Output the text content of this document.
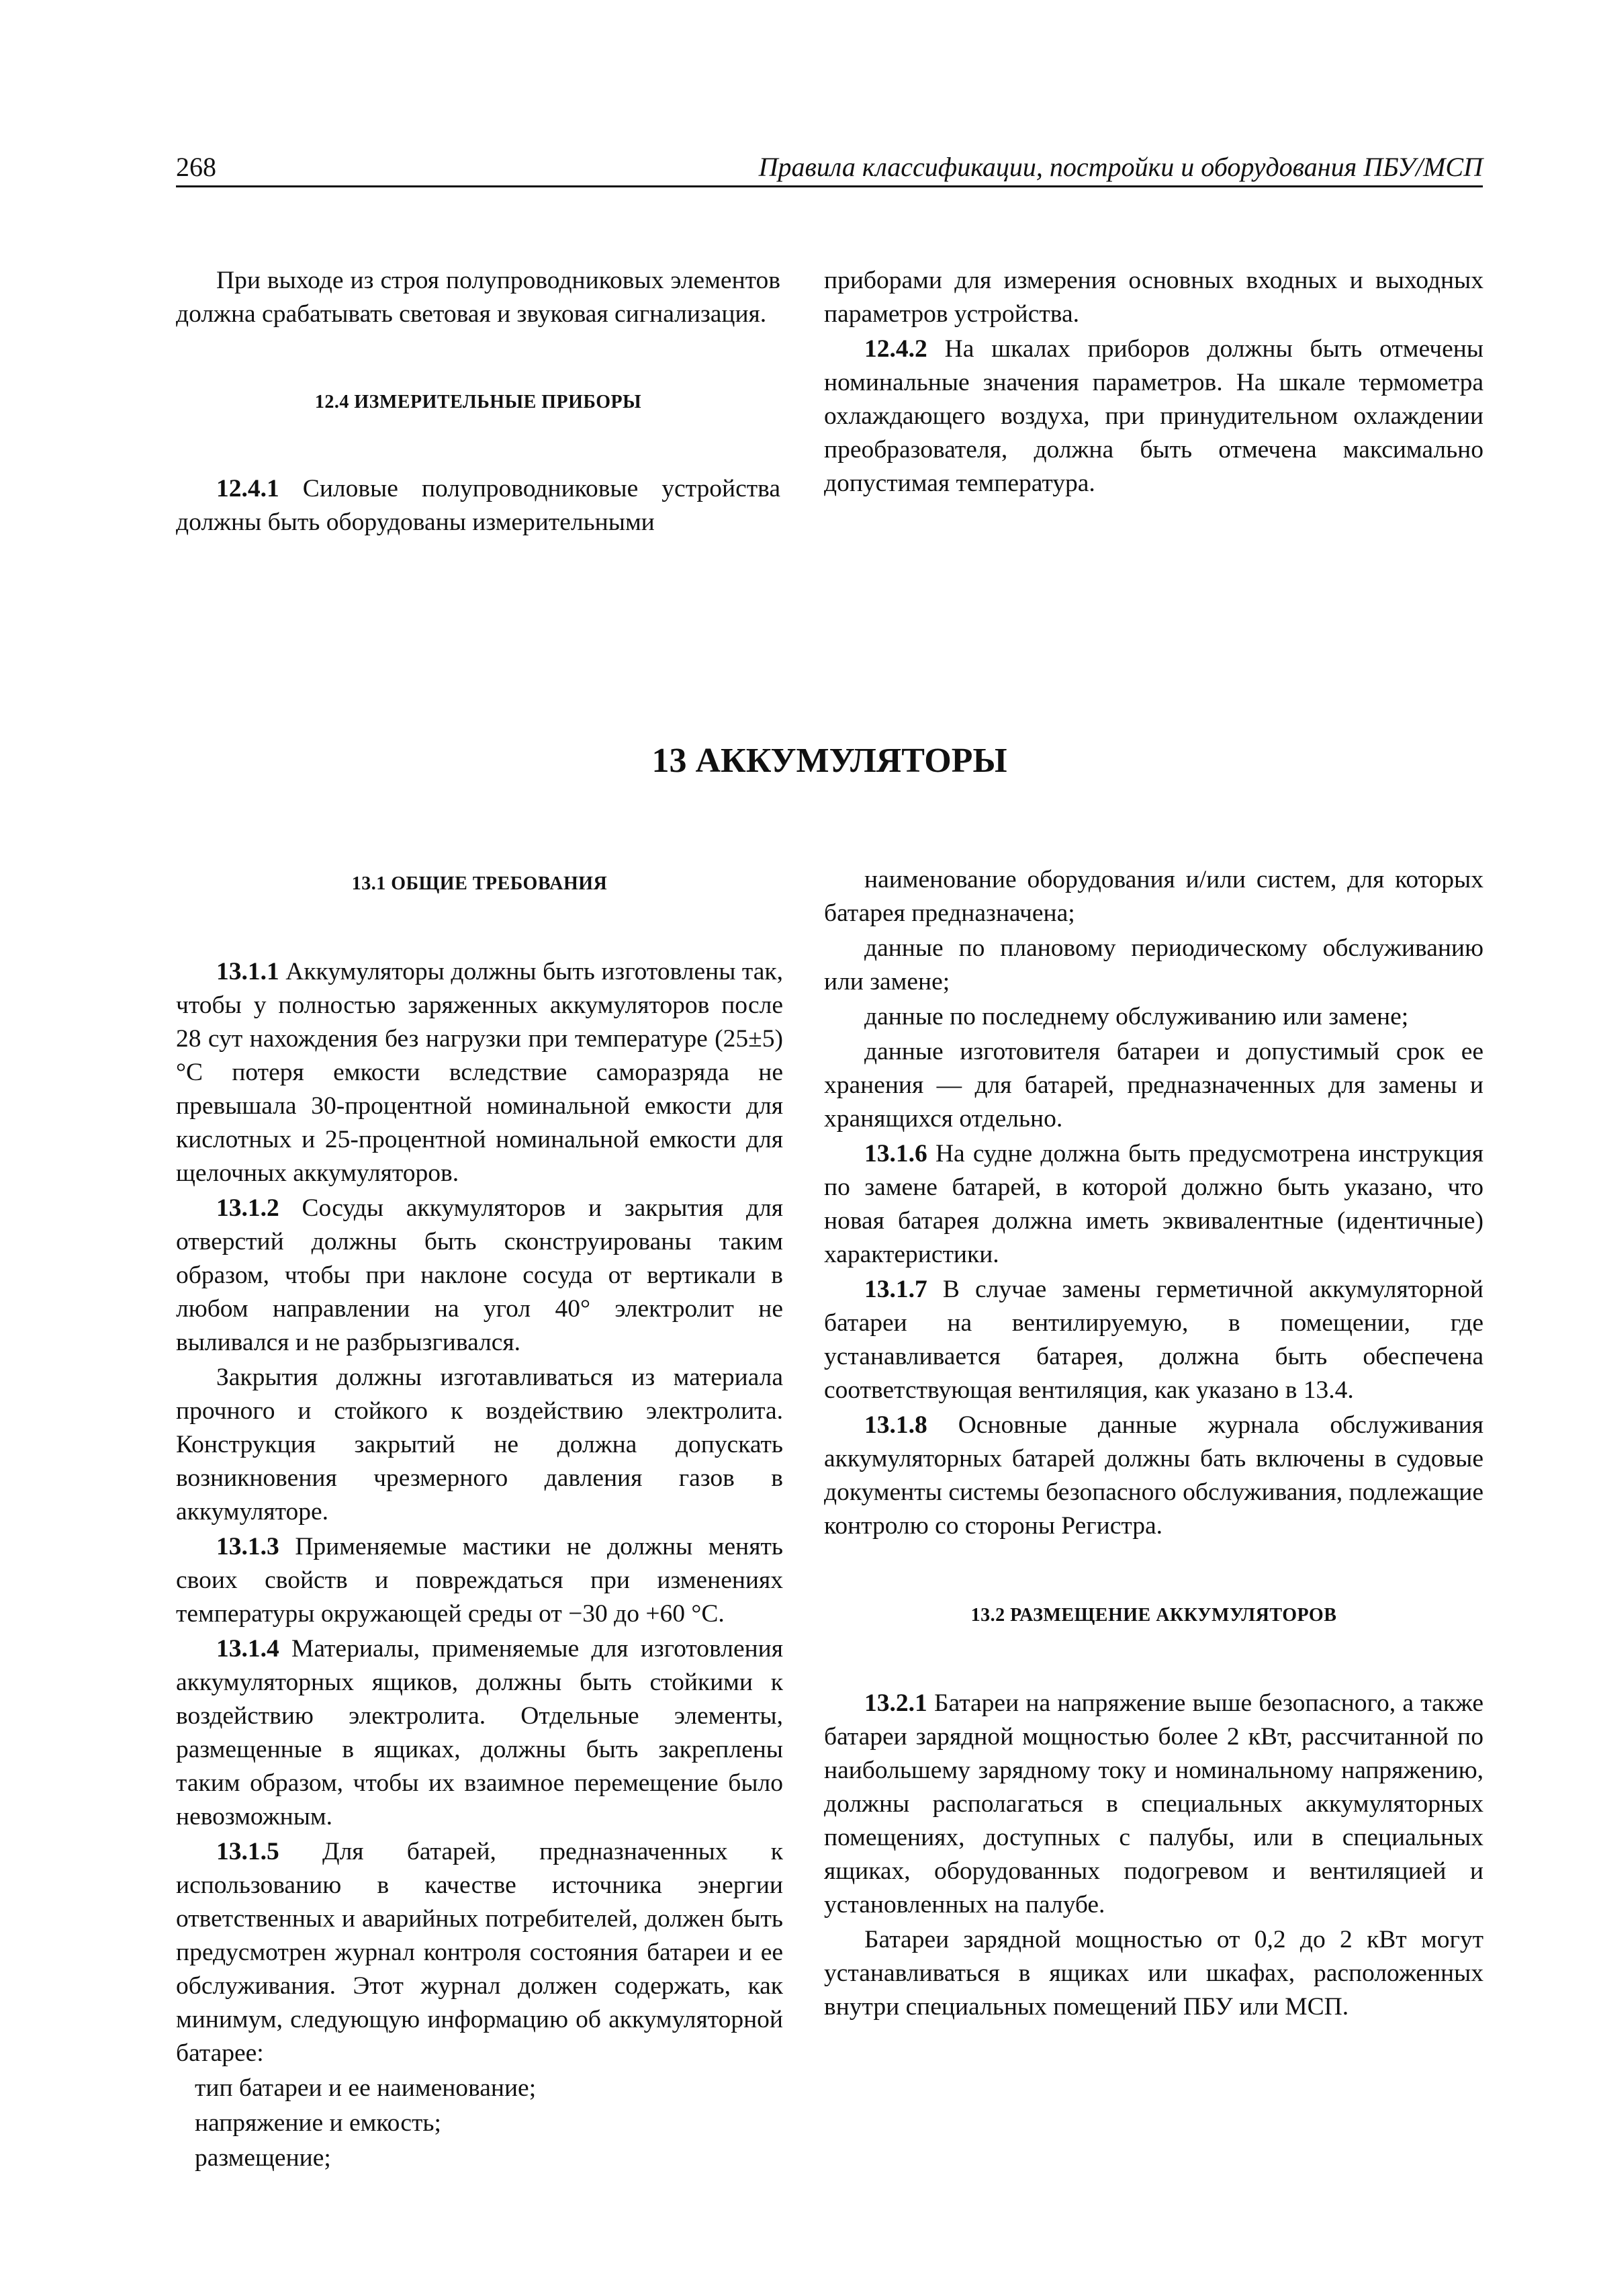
268	Правила классификации, постройки и оборудования ПБУ/МСП

При выходе из строя полупроводниковых элементов должна срабатывать световая и звуковая сигнализация.

12.4 ИЗМЕРИТЕЛЬНЫЕ ПРИБОРЫ

12.4.1 Силовые полупроводниковые устройства должны быть оборудованы измерительными

приборами для измерения основных входных и выходных параметров устройства.

12.4.2 На шкалах приборов должны быть отмечены номинальные значения параметров. На шкале термометра охлаждающего воздуха, при принудительном охлаждении преобразователя, должна быть отмечена максимально допустимая температура.

13 АККУМУЛЯТОРЫ
13.1 ОБЩИЕ ТРЕБОВАНИЯ

13.1.1 Аккумуляторы должны быть изготовлены так, чтобы у полностью заряженных аккумуляторов после 28 сут нахождения без нагрузки при температуре (25±5) °С потеря емкости вследствие саморазряда не превышала 30-процентной номинальной емкости для кислотных и 25-процентной номинальной емкости для щелочных аккумуляторов.

13.1.2 Сосуды аккумуляторов и закрытия для отверстий должны быть сконструированы таким образом, чтобы при наклоне сосуда от вертикали в любом направлении на угол 40° электролит не выливался и не разбрызгивался.

Закрытия должны изготавливаться из материала прочного и стойкого к воздействию электролита. Конструкция закрытий не должна допускать возникновения чрезмерного давления газов в аккумуляторе.

13.1.3 Применяемые мастики не должны менять своих свойств и повреждаться при изменениях температуры окружающей среды от −30 до +60 °С.

13.1.4 Материалы, применяемые для изготовления аккумуляторных ящиков, должны быть стойкими к воздействию электролита. Отдельные элементы, размещенные в ящиках, должны быть закреплены таким образом, чтобы их взаимное перемещение было невозможным.

13.1.5 Для батарей, предназначенных к использованию в качестве источника энергии ответственных и аварийных потребителей, должен быть предусмотрен журнал контроля состояния батареи и ее обслуживания. Этот журнал должен содержать, как минимум, следующую информацию об аккумуляторной батарее:

тип батареи и ее наименование;

напряжение и емкость;

размещение;

наименование оборудования и/или систем, для которых батарея предназначена;

данные по плановому периодическому обслуживанию или замене;

данные по последнему обслуживанию или замене;

данные изготовителя батареи и допустимый срок ее хранения — для батарей, предназначенных для замены и хранящихся отдельно.

13.1.6 На судне должна быть предусмотрена инструкция по замене батарей, в которой должно быть указано, что новая батарея должна иметь эквивалентные (идентичные) характеристики.

13.1.7 В случае замены герметичной аккумуляторной батареи на вентилируемую, в помещении, где устанавливается батарея, должна быть обеспечена соответствующая вентиляция, как указано в 13.4.

13.1.8 Основные данные журнала обслуживания аккумуляторных батарей должны бать включены в судовые документы системы безопасного обслуживания, подлежащие контролю со стороны Регистра.

13.2 РАЗМЕЩЕНИЕ АККУМУЛЯТОРОВ

13.2.1 Батареи на напряжение выше безопасного, а также батареи зарядной мощностью более 2 кВт, рассчитанной по наибольшему зарядному току и номинальному напряжению, должны располагаться в специальных аккумуляторных помещениях, доступных с палубы, или в специальных ящиках, оборудованных подогревом и вентиляцией и установленных на палубе.

Батареи зарядной мощностью от 0,2 до 2 кВт могут устанавливаться в ящиках или шкафах, расположенных внутри специальных помещений ПБУ или МСП.
